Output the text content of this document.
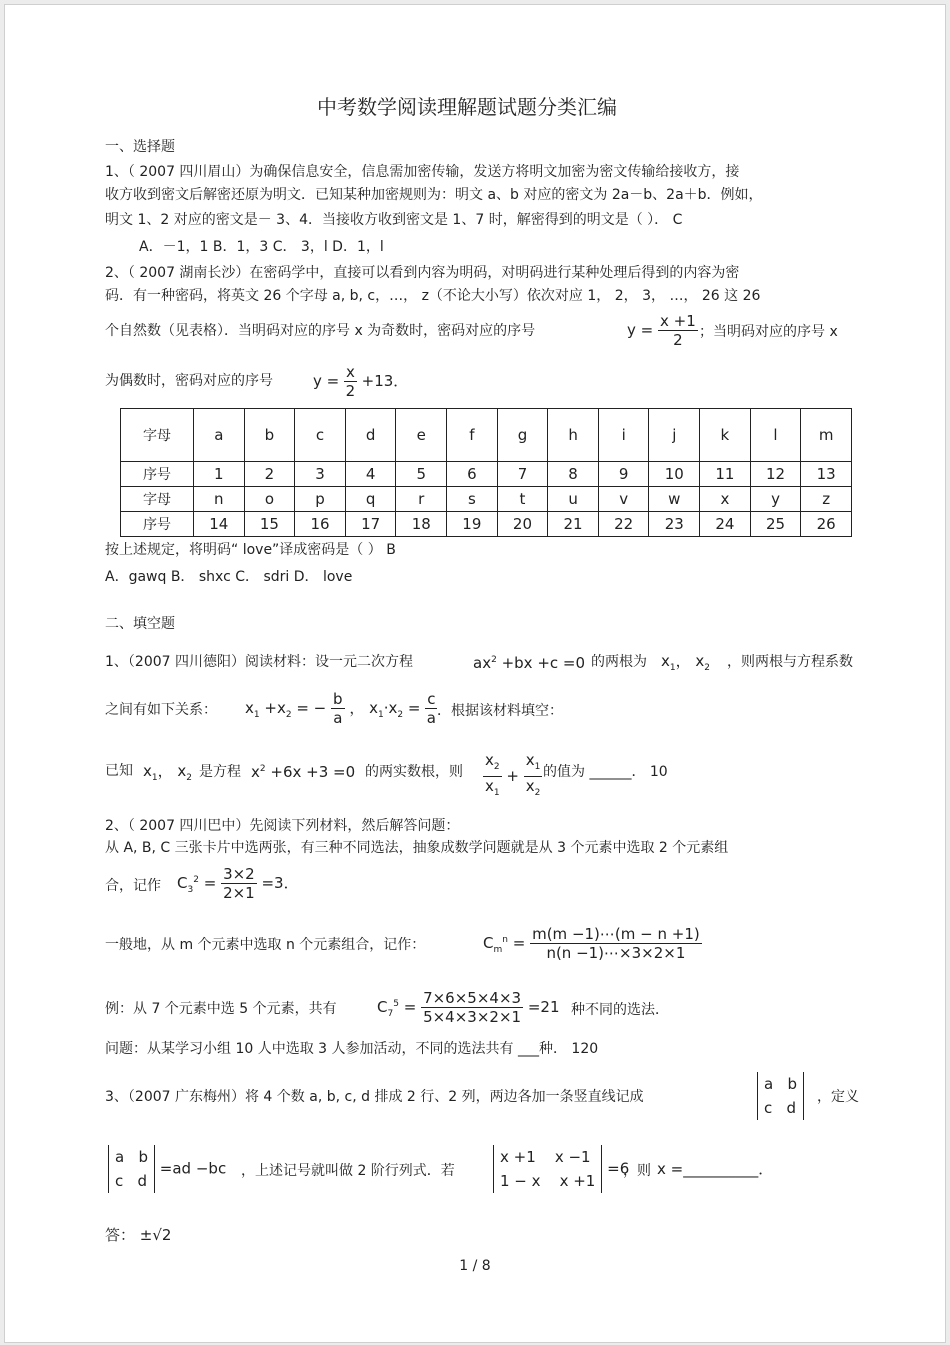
中考数学阅读理解题试题分类汇编
一、选择题
1、（ 2007 四川眉山）为确保信息安全，信息需加密传输，发送方将明文加密为密文传输给接收方，接
收方收到密文后解密还原为明文．已知某种加密规则为：明文 a、b 对应的密文为 2a－b、2a＋b．例如，
明文 1、2 对应的密文是－ 3、4．当接收方收到密文是 1、7 时，解密得到的明文是（ ）． C
A．－1，1 B．1，3 C． 3，l D．1，l
2、（ 2007 湖南长沙）在密码学中，直接可以看到内容为明码，对明码进行某种处理后得到的内容为密
码．有一种密码，将英文 26 个字母 a, b, c，…， z（不论大小写）依次对应 1， 2， 3， …， 26 这 26
个自然数（见表格）．当明码对应的序号 x 为奇数时，密码对应的序号	$y = \frac{x +1}{2}$ ；当明码对应的序号 x
为偶数时，密码对应的序号	$y = \frac{x}{2} +13$．
字母	a	b	c	d	e	f	g	h	i	j	k	l	m
序号	1	2	3	4	5	6	7	8	9	10	11	12	13
字母	n	o	p	q	r	s	t	u	v	w	x	y	z
序号	14	15	16	17	18	19	20	21	22	23	24	25	26
按上述规定，将明码“ love”译成密码是（ ） B
A．gawq B． shxc C． sdri D． love
二、填空题
1、（2007 四川德阳）阅读材料：设一元二次方程	$ax^2 +bx +c =0$ 的两根为 $x_1$， $x_2$ ，则两根与方程系数
之间有如下关系： $x_1 +x_2$ = − $\frac{b}{a}$ ， $x_1\cdot x_2 = \frac{c}{a}$ ．根据该材料填空：
已知 $x_1$， $x_2$ 是方程 $x^2 +6x +3 =0$ 的两实数根，则 $\frac{x_2}{x_1} + \frac{x_1}{x_2}$ 的值为 ______． 10
2、（ 2007 四川巴中）先阅读下列材料，然后解答问题：
从 A, B, C 三张卡片中选两张，有三种不同选法，抽象成数学问题就是从 3 个元素中选取 2 个元素组
合，记作 $C_3^2 = \frac{3\times 2}{2\times 1} =3$．
一般地，从 m 个元素中选取 n 个元素组合，记作：	$C_m^n = \frac{m(m -1)\cdots(m - n +1)}{n(n -1)\cdots\times 3\times 2\times 1}$
例：从 7 个元素中选 5 个元素，共有	$C_7^5 = \frac{7\times 6\times 5\times 4\times 3}{5\times 4\times 3\times 2\times 1} =21$ 种不同的选法．
问题：从某学习小组 10 人中选取 3 人参加活动，不同的选法共有 ___种． 120
3、（2007 广东梅州）将 4 个数 a, b, c, d 排成 2 行、2 列，两边各加一条竖直线记成
a   b
c   d
，定义
a   b
c   d =ad −bc ，上述记号就叫做 2 阶行列式．若
x +1    x −1
1 − x    x +1 =6
，则 x =__________．
答： ±√2
1 / 8
